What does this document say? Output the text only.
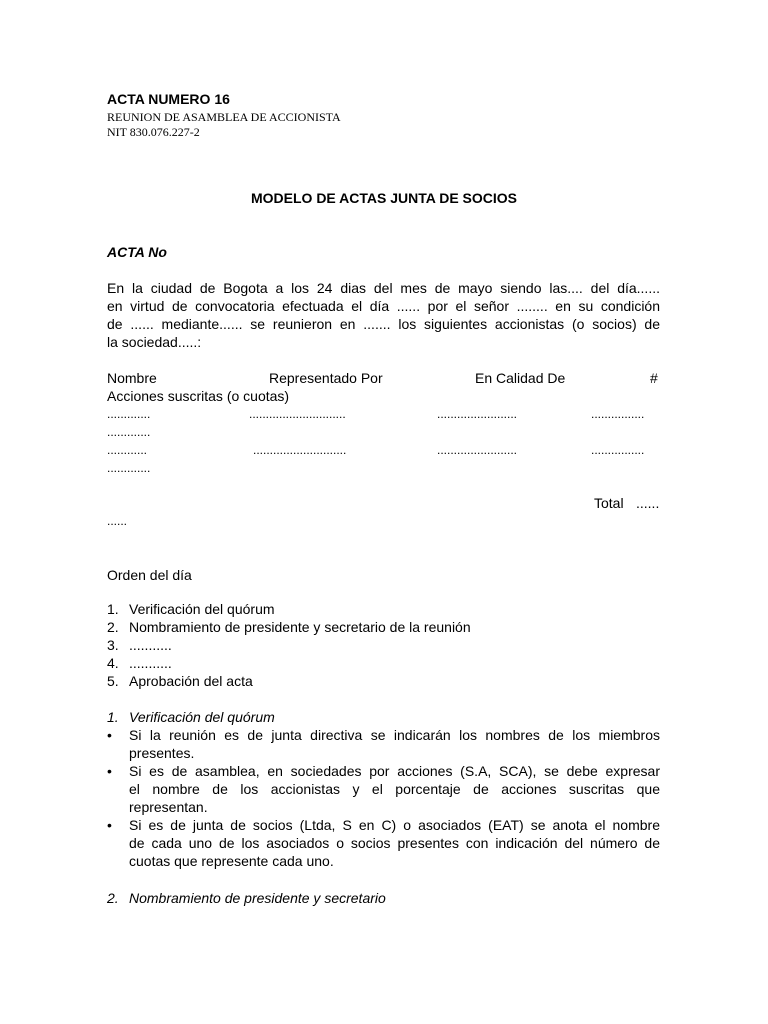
ACTA NUMERO 16
REUNION DE ASAMBLEA DE ACCIONISTA
NIT 830.076.227-2
MODELO DE ACTAS JUNTA DE SOCIOS
ACTA No
En la ciudad de Bogota a los 24 dias del mes de mayo siendo las.... del día......
en virtud de convocatoria efectuada el día ...... por el señor ........ en su condición
de ...... mediante...... se reunieron en ....... los siguientes accionistas (o socios) de
la sociedad.....:
Nombre	Representado Por	En Calidad De	#
Acciones suscritas (o cuotas)
.............	.............................	........................	................
.............
............	............................	........................	................
.............
Total ......
......
Orden del día
1. Verificación del quórum
2. Nombramiento de presidente y secretario de la reunión
3. ...........
4. ...........
5. Aprobación del acta
1. Verificación del quórum
• Si la reunión es de junta directiva se indicarán los nombres de los miembros
presentes.
• Si es de asamblea, en sociedades por acciones (S.A, SCA), se debe expresar
el nombre de los accionistas y el porcentaje de acciones suscritas que
representan.
• Si es de junta de socios (Ltda, S en C) o asociados (EAT) se anota el nombre
de cada uno de los asociados o socios presentes con indicación del número de
cuotas que represente cada uno.
2. Nombramiento de presidente y secretario
